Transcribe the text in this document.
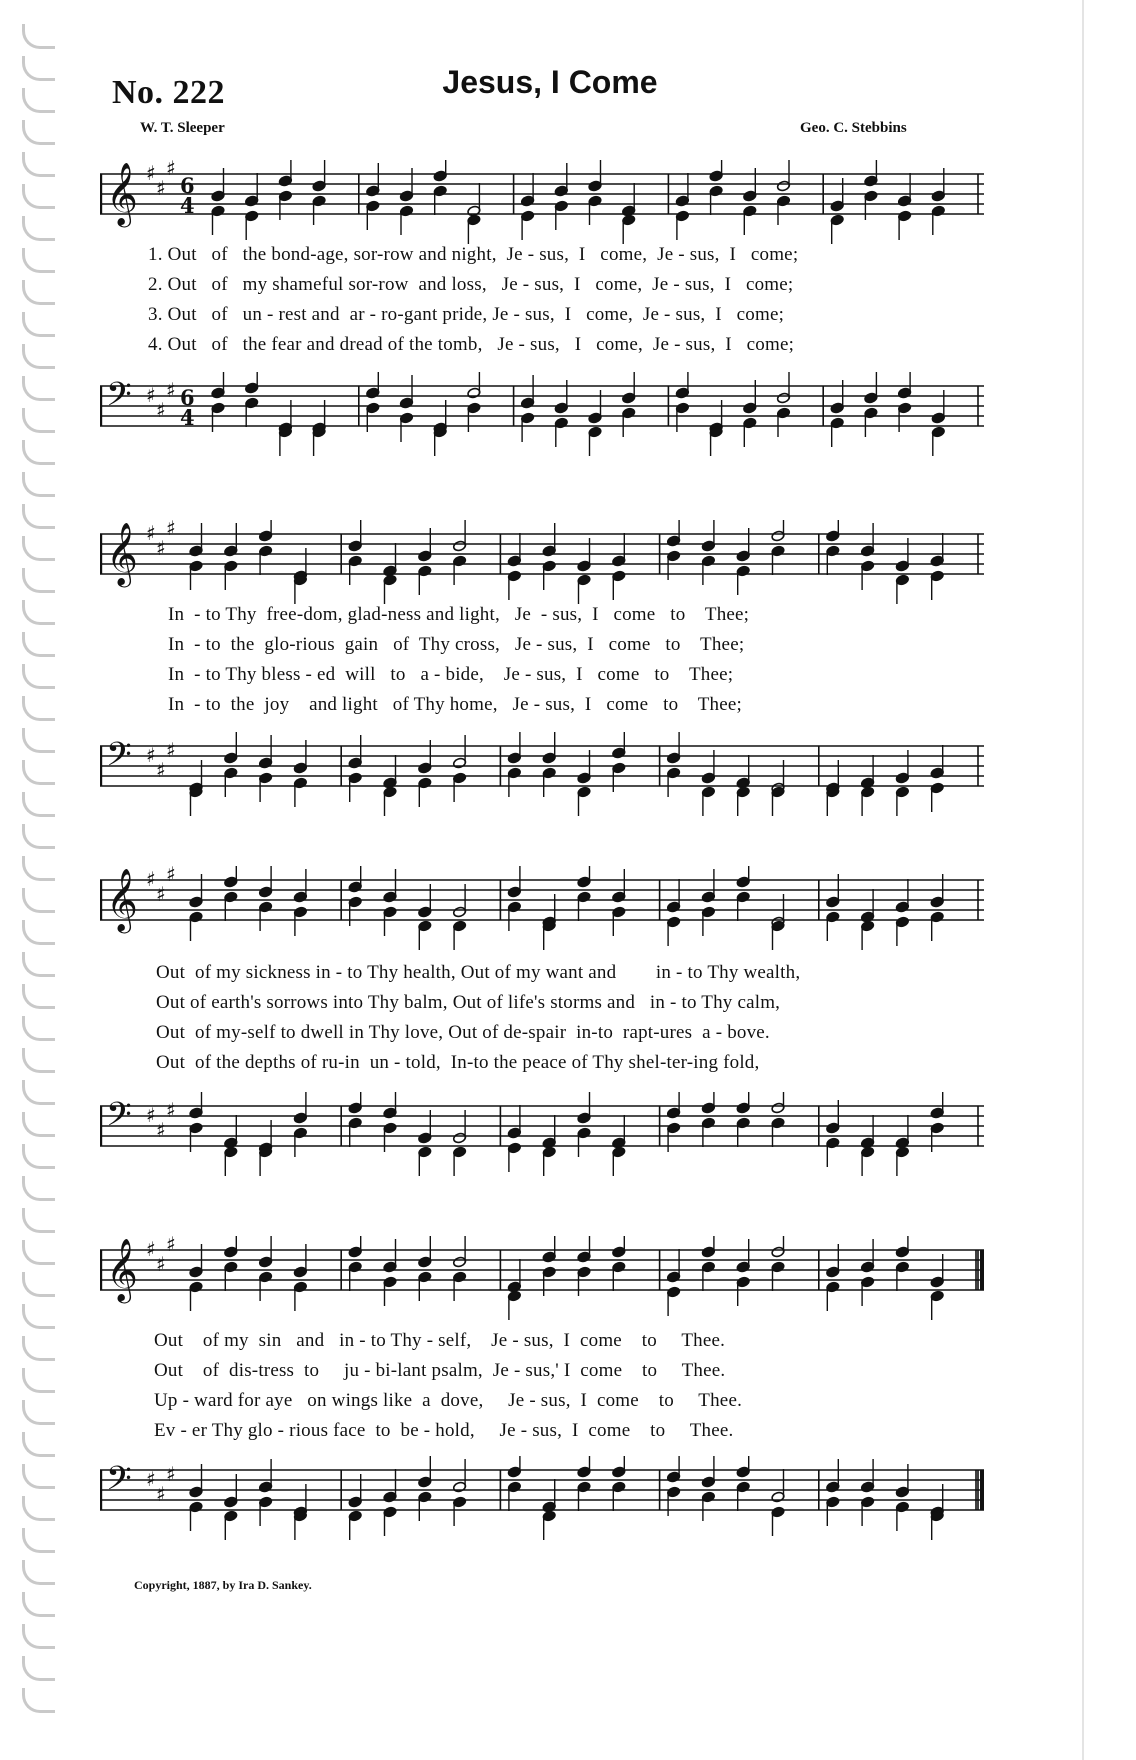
No. 222	Jesus, I Come
W. T. Sleeper	Geo. C. Stebbins
𝄞 ♯
♯
♯
6
4
1. Out   of   the bond-age, sor-row and night,  Je - sus,  I   come,  Je - sus,  I   come;
2. Out   of   my shameful sor-row  and loss,   Je - sus,  I   come,  Je - sus,  I   come;
3. Out   of   un - rest and  ar - ro-gant pride, Je - sus,  I   come,  Je - sus,  I   come;
4. Out   of   the fear and dread of the tomb,   Je - sus,   I   come,  Je - sus,  I   come;
𝄢 ♯
♯
♯ 6
4
𝄞 ♯
♯
♯
In  - to Thy  free-dom, glad-ness and light,   Je  - sus,  I   come   to    Thee;
In  - to  the  glo-rious  gain   of  Thy cross,   Je - sus,  I   come   to    Thee;
In  - to Thy bless - ed  will   to   a - bide,    Je - sus,  I   come   to    Thee;
In  - to  the  joy    and light   of Thy home,   Je - sus,  I   come   to    Thee;
𝄢 ♯
♯
♯
𝄞 ♯
♯
♯
Out  of my sickness in - to Thy health, Out of my want and        in - to Thy wealth,
Out of earth's sorrows into Thy balm, Out of life's storms and   in - to Thy calm,
Out  of my-self to dwell in Thy love, Out of de-spair  in-to  rapt-ures  a - bove.
Out  of the depths of ru-in  un - told,  In-to the peace of Thy shel-ter-ing fold,
𝄢 ♯
♯
♯
𝄞 ♯
♯
♯
Out    of my  sin   and   in - to Thy - self,    Je - sus,  I  come    to     Thee.
Out    of  dis-tress  to     ju - bi-lant psalm,  Je - sus,' I  come    to     Thee.
Up - ward for aye   on wings like  a  dove,     Je - sus,  I  come    to     Thee.
Ev - er Thy glo - rious face  to  be - hold,     Je - sus,  I  come    to     Thee.
𝄢 ♯
♯
♯
Copyright, 1887, by Ira D. Sankey.
